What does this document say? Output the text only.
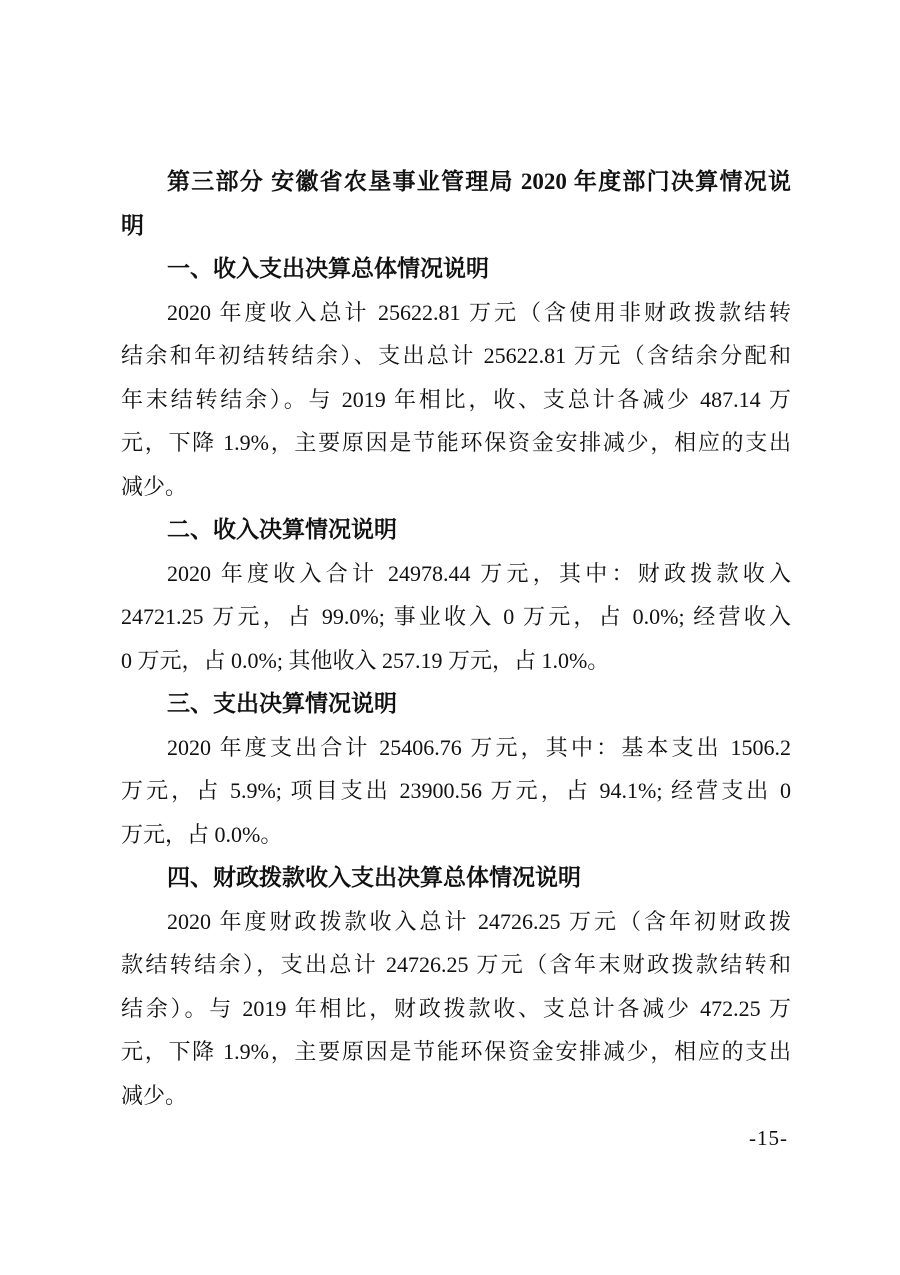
第三部分 安徽省农垦事业管理局 2020 年度部门决算情况说
明
一、收入支出决算总体情况说明
2020 年度收入总计 25622.81 万元（含使用非财政拨款结转
结余和年初结转结余）、支出总计 25622.81 万元（含结余分配和
年末结转结余）。与 2019 年相比，收、支总计各减少 487.14 万
元，下降 1.9%，主要原因是节能环保资金安排减少，相应的支出
减少。
二、收入决算情况说明
2020 年度收入合计 24978.44 万元，其中：财政拨款收入
24721.25 万元，占 99.0%; 事业收入 0 万元，占 0.0%; 经营收入
0 万元，占 0.0%; 其他收入 257.19 万元，占 1.0%。
三、支出决算情况说明
2020 年度支出合计 25406.76 万元，其中：基本支出 1506.2
万元，占 5.9%; 项目支出 23900.56 万元，占 94.1%; 经营支出 0
万元，占 0.0%。
四、财政拨款收入支出决算总体情况说明
2020 年度财政拨款收入总计 24726.25 万元（含年初财政拨
款结转结余），支出总计 24726.25 万元（含年末财政拨款结转和
结余）。与 2019 年相比，财政拨款收、支总计各减少 472.25 万
元，下降 1.9%，主要原因是节能环保资金安排减少，相应的支出
减少。
-15-
